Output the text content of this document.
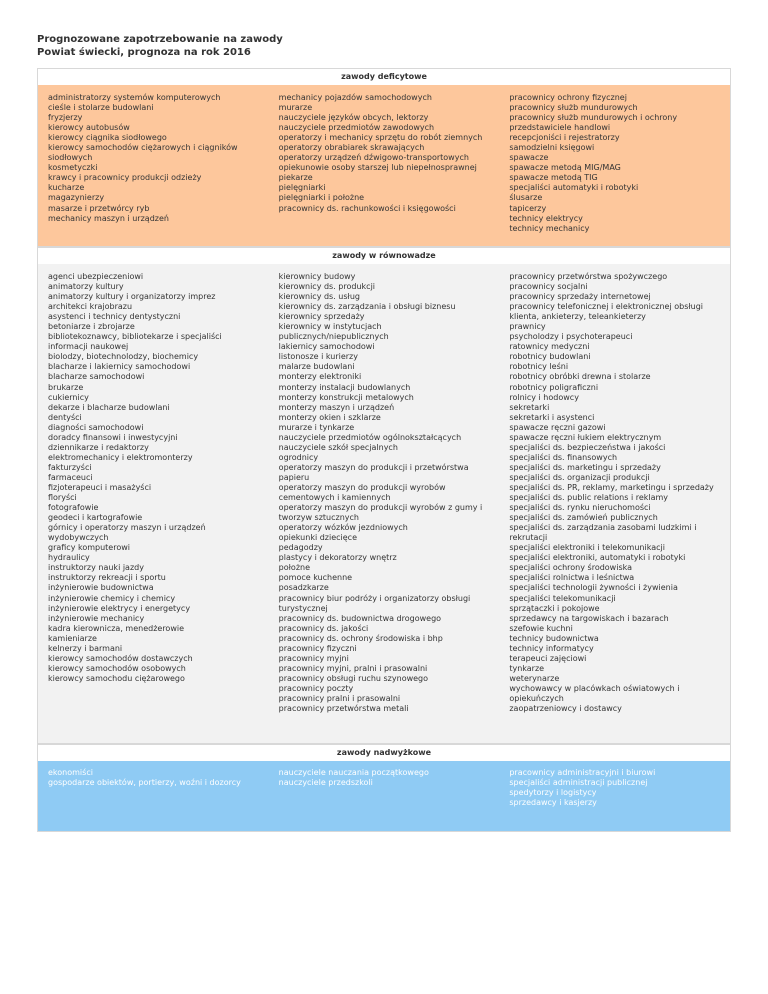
Prognozowane zapotrzebowanie na zawody
Powiat świecki, prognoza na rok 2016
zawody deficytowe
administratorzy systemów komputerowych
cieśle i stolarze budowlani
fryzjerzy
kierowcy autobusów
kierowcy ciągnika siodłowego
kierowcy samochodów ciężarowych i ciągników siodłowych
kosmetyczki
krawcy i pracownicy produkcji odzieży
kucharze
magazynierzy
masarze i przetwórcy ryb
mechanicy maszyn i urządzeń
mechanicy pojazdów samochodowych
murarze
nauczyciele języków obcych, lektorzy
nauczyciele przedmiotów zawodowych
operatorzy i mechanicy sprzętu do robót ziemnych
operatorzy obrabiarek skrawających
operatorzy urządzeń dźwigowo-transportowych
opiekunowie osoby starszej lub niepełnosprawnej
piekarze
pielęgniarki
pielęgniarki i położne
pracownicy ds. rachunkowości i księgowości
pracownicy ochrony fizycznej
pracownicy służb mundurowych
pracownicy służb mundurowych i ochrony
przedstawiciele handlowi
recepcjoniści i rejestratorzy
samodzielni księgowi
spawacze
spawacze metodą MIG/MAG
spawacze metodą TIG
specjaliści automatyki i robotyki
ślusarze
tapicerzy
technicy elektrycy
technicy mechanicy
zawody w równowadze
agenci ubezpieczeniowi
animatorzy kultury
animatorzy kultury i organizatorzy imprez
architekci krajobrazu
asystenci i technicy dentystyczni
betoniarze i zbrojarze
bibliotekoznawcy, bibliotekarze i specjaliści informacji naukowej
biolodzy, biotechnolodzy, biochemicy
blacharze i lakiernicy samochodowi
blacharze samochodowi
brukarze
cukiernicy
dekarze i blacharze budowlani
dentyści
diagności samochodowi
doradcy finansowi i inwestycyjni
dziennikarze i redaktorzy
elektromechanicy i elektromonterzy
fakturzyści
farmaceuci
fizjoterapeuci i masażyści
floryści
fotografowie
geodeci i kartografowie
górnicy i operatorzy maszyn i urządzeń wydobywczych
graficy komputerowi
hydraulicy
instruktorzy nauki jazdy
instruktorzy rekreacji i sportu
inżynierowie budownictwa
inżynierowie chemicy i chemicy
inżynierowie elektrycy i energetycy
inżynierowie mechanicy
kadra kierownicza, menedżerowie
kamieniarze
kelnerzy i barmani
kierowcy samochodów dostawczych
kierowcy samochodów osobowych
kierowcy samochodu ciężarowego
kierownicy budowy
kierownicy ds. produkcji
kierownicy ds. usług
kierownicy ds. zarządzania i obsługi biznesu
kierownicy sprzedaży
kierownicy w instytucjach publicznych/niepublicznych
lakiernicy samochodowi
listonosze i kurierzy
malarze budowlani
monterzy elektroniki
monterzy instalacji budowlanych
monterzy konstrukcji metalowych
monterzy maszyn i urządzeń
monterzy okien i szklarze
murarze i tynkarze
nauczyciele przedmiotów ogólnokształcących
nauczyciele szkół specjalnych
ogrodnicy
operatorzy maszyn do produkcji i przetwórstwa papieru
operatorzy maszyn do produkcji wyrobów cementowych i kamiennych
operatorzy maszyn do produkcji wyrobów z gumy i tworzyw sztucznych
operatorzy wózków jezdniowych
opiekunki dziecięce
pedagodzy
plastycy i dekoratorzy wnętrz
położne
pomoce kuchenne
posadzkarze
pracownicy biur podróży i organizatorzy obsługi turystycznej
pracownicy ds. budownictwa drogowego
pracownicy ds. jakości
pracownicy ds. ochrony środowiska i bhp
pracownicy fizyczni
pracownicy myjni
pracownicy myjni, pralni i prasowalni
pracownicy obsługi ruchu szynowego
pracownicy poczty
pracownicy pralni i prasowalni
pracownicy przetwórstwa metali
pracownicy przetwórstwa spożywczego
pracownicy socjalni
pracownicy sprzedaży internetowej
pracownicy telefonicznej i elektronicznej obsługi klienta, ankieterzy, teleankieterzy
prawnicy
psycholodzy i psychoterapeuci
ratownicy medyczni
robotnicy budowlani
robotnicy leśni
robotnicy obróbki drewna i stolarze
robotnicy poligraficzni
rolnicy i hodowcy
sekretarki
sekretarki i asystenci
spawacze ręczni gazowi
spawacze ręczni łukiem elektrycznym
specjaliści ds. bezpieczeństwa i jakości
specjaliści ds. finansowych
specjaliści ds. marketingu i sprzedaży
specjaliści ds. organizacji produkcji
specjaliści ds. PR, reklamy, marketingu i sprzedaży
specjaliści ds. public relations i reklamy
specjaliści ds. rynku nieruchomości
specjaliści ds. zamówień publicznych
specjaliści ds. zarządzania zasobami ludzkimi i rekrutacji
specjaliści elektroniki i telekomunikacji
specjaliści elektroniki, automatyki i robotyki
specjaliści ochrony środowiska
specjaliści rolnictwa i leśnictwa
specjaliści technologii żywności i żywienia
specjaliści telekomunikacji
sprzątaczki i pokojowe
sprzedawcy na targowiskach i bazarach
szefowie kuchni
technicy budownictwa
technicy informatycy
terapeuci zajęciowi
tynkarze
weterynarze
wychowawcy w placówkach oświatowych i opiekuńczych
zaopatrzeniowcy i dostawcy
zawody nadwyżkowe
ekonomiści
gospodarze obiektów, portierzy, woźni i dozorcy
nauczyciele nauczania początkowego
nauczyciele przedszkoli
pracownicy administracyjni i biurowi
specjaliści administracji publicznej
spedytorzy i logistycy
sprzedawcy i kasjerzy
